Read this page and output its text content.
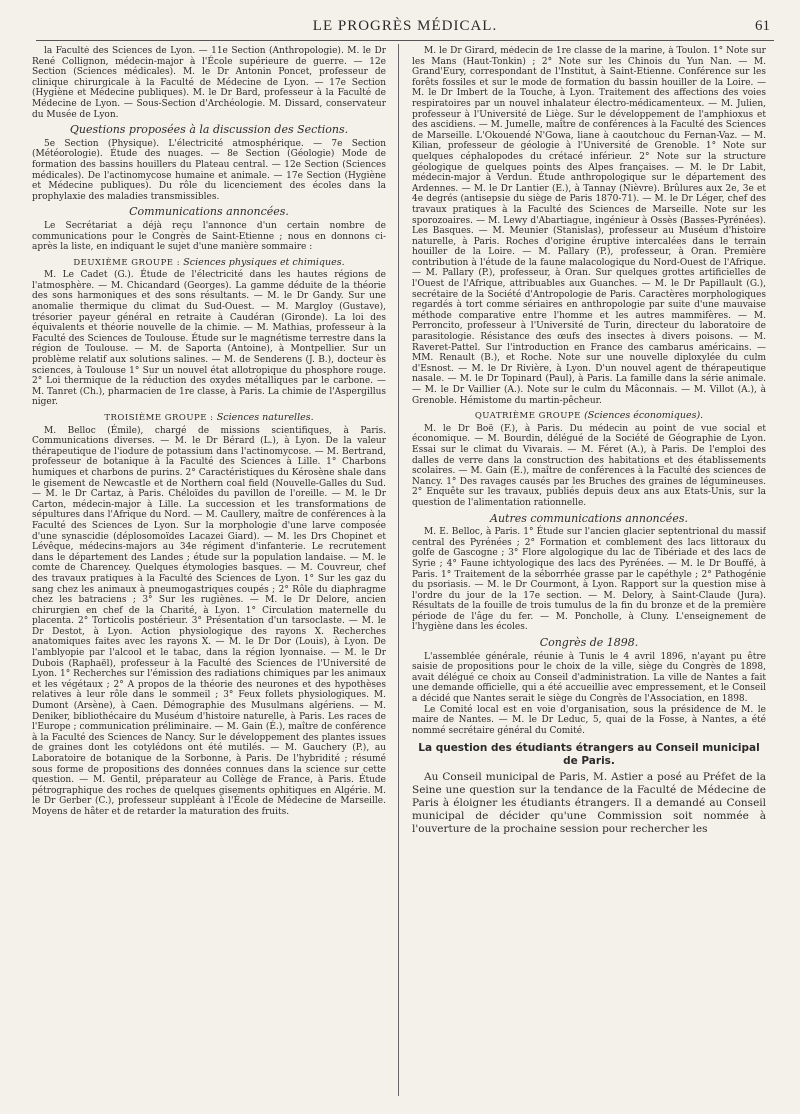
LE PROGRÈS MÉDICAL.	61

la Faculté des Sciences de Lyon. — 11e Section (Anthropologie). M. le Dr René Collignon, médecin-major à l'École supérieure de guerre. — 12e Section (Sciences médicales). M. le Dr Antonin Poncet, professeur de clinique chirurgicale à la Faculté de Médecine de Lyon. — 17e Section (Hygiène et Médecine publiques). M. le Dr Bard, professeur à la Faculté de Médecine de Lyon. — Sous-Section d'Archéologie. M. Dissard, conservateur du Musée de Lyon.

Questions proposées à la discussion des Sections.

5e Section (Physique). L'électricité atmosphérique. — 7e Section (Météorologie). Étude des nuages. — 8e Section (Géologie) Mode de formation des bassins houillers du Plateau central. — 12e Section (Sciences médicales). De l'actinomycose humaine et animale. — 17e Section (Hygiène et Médecine publiques). Du rôle du licenciement des écoles dans la prophylaxie des maladies transmissibles.

Communications annoncées.

Le Secrétariat a déjà reçu l'annonce d'un certain nombre de communications pour le Congrès de Saint-Etienne ; nous en donnons ci-après la liste, en indiquant le sujet d'une manière sommaire :

DEUXIÈME GROUPE : Sciences physiques et chimiques.

M. Le Cadet (G.). Étude de l'électricité dans les hautes régions de l'atmosphère. — M. Chicandard (Georges). La gamme déduite de la théorie des sons harmoniques et des sons résultants. — M. le Dr Gandy. Sur une anomalie thermique du climat du Sud-Ouest. — M. Margloy (Gustave), trésorier payeur général en retraite à Caudéran (Gironde). La loi des équivalents et théorie nouvelle de la chimie. — M. Mathias, professeur à la Faculté des Sciences de Toulouse. Étude sur le magnétisme terrestre dans la région de Toulouse. — M. de Saporta (Antoine), à Montpellier. Sur un problème relatif aux solutions salines. — M. de Senderens (J. B.), docteur ès sciences, à Toulouse 1° Sur un nouvel état allotropique du phosphore rouge. 2° Loi thermique de la réduction des oxydes métalliques par le carbone. — M. Tanret (Ch.), pharmacien de 1re classe, à Paris. La chimie de l'Aspergillus niger.

TROISIÈME GROUPE : Sciences naturelles.

M. Belloc (Émile), chargé de missions scientifiques, à Paris. Communications diverses. — M. le Dr Bérard (L.), à Lyon. De la valeur thérapeutique de l'iodure de potassium dans l'actinomycose. — M. Bertrand, professeur de botanique à la Faculté des Sciences à Lille. 1° Charbons humiques et charbons de purins. 2° Caractéristiques du Kérosène shale dans le gisement de Newcastle et de Northern coal field (Nouvelle-Galles du Sud. — M. le Dr Cartaz, à Paris. Chéloïdes du pavillon de l'oreille. — M. le Dr Carton, médecin-major à Lille. La succession et les transformations de sépultures dans l'Afrique du Nord. — M. Caullery, maître de conférences à la Faculté des Sciences de Lyon. Sur la morphologie d'une larve composée d'une synascidie (déplosomoïdes Lacazei Giard). — M. les Drs Chopinet et Lévêque, médecins-majors au 34e régiment d'infanterie. Le recrutement dans le département des Landes ; étude sur la population landaise. — M. le comte de Charencey. Quelques étymologies basques. — M. Couvreur, chef des travaux pratiques à la Faculté des Sciences de Lyon. 1° Sur les gaz du sang chez les animaux à pneumogastriques coupés ; 2° Rôle du diaphragme chez les batraciens ; 3° Sur les rugiènes. — M. le Dr Delore, ancien chirurgien en chef de la Charité, à Lyon. 1° Circulation maternelle du placenta. 2° Torticolis postérieur. 3° Présentation d'un tarsoclaste. — M. le Dr Destot, à Lyon. Action physiologique des rayons X. Recherches anatomiques faites avec les rayons X. — M. le Dr Dor (Louis), à Lyon. De l'amblyopie par l'alcool et le tabac, dans la région lyonnaise. — M. le Dr Dubois (Raphaël), professeur à la Faculté des Sciences de l'Université de Lyon. 1° Recherches sur l'émission des radiations chimiques par les animaux et les végétaux ; 2° A propos de la théorie des neurones et des hypothèses relatives à leur rôle dans le sommeil ; 3° Feux follets physiologiques. M. Dumont (Arsène), à Caen. Démographie des Musulmans algériens. — M. Deniker, bibliothécaire du Muséum d'histoire naturelle, à Paris. Les races de l'Europe ; communication préliminaire. — M. Gain (É.), maître de conférence à la Faculté des Sciences de Nancy. Sur le développement des plantes issues de graines dont les cotylédons ont été mutilés. — M. Gauchery (P.), au Laboratoire de botanique de la Sorbonne, à Paris. De l'hybridité ; résumé sous forme de propositions des données connues dans la science sur cette question. — M. Gentil, préparateur au Collège de France, à Paris. Étude pétrographique des roches de quelques gisements ophitiques en Algérie. M. le Dr Gerber (C.), professeur suppléant à l'École de Médecine de Marseille. Moyens de hâter et de retarder la maturation des fruits.

M. le Dr Girard, médecin de 1re classe de la marine, à Toulon. 1° Note sur les Mans (Haut-Tonkin) ; 2° Note sur les Chinois du Yun Nan. — M. Grand'Eury, correspondant de l'Institut, à Saint-Etienne. Conférence sur les forêts fossiles et sur le mode de formation du bassin houiller de la Loire. — M. le Dr Imbert de la Touche, à Lyon. Traitement des affections des voies respiratoires par un nouvel inhalateur électro-médicamenteux. — M. Julien, professeur à l'Université de Liège. Sur le développement de l'amphioxus et des ascidiens. — M. Jumelle, maître de conférences à la Faculté des Sciences de Marseille. L'Okouendé N'Gowa, liane à caoutchouc du Fernan-Vaz. — M. Kilian, professeur de géologie à l'Université de Grenoble. 1° Note sur quelques céphalopodes du crétacé inférieur. 2° Note sur la structure géologique de quelques points des Alpes françaises. — M. le Dr Labit, médecin-major à Verdun. Étude anthropologique sur le département des Ardennes. — M. le Dr Lantier (E.), à Tannay (Nièvre). Brûlures aux 2e, 3e et 4e degrés (antisepsie du siège de Paris 1870-71). — M. le Dr Léger, chef des travaux pratiques à la Faculté des Sciences de Marseille. Note sur les sporozoaires. — M. Lewy d'Abartiague, ingénieur à Ossès (Basses-Pyrénées). Les Basques. — M. Meunier (Stanislas), professeur au Muséum d'histoire naturelle, à Paris. Roches d'origine éruptive intercalées dans le terrain houiller de la Loire. — M. Pallary (P.), professeur, à Oran. Première contribution à l'étude de la faune malacologique du Nord-Ouest de l'Afrique. — M. Pallary (P.), professeur, à Oran. Sur quelques grottes artificielles de l'Ouest de l'Afrique, attribuables aux Guanches. — M. le Dr Papillault (G.), secrétaire de la Société d'Antropologie de Paris. Caractères morphologiques regardés à tort comme sériaires en anthropologie par suite d'une mauvaise méthode comparative entre l'homme et les autres mammifères. — M. Perroncito, professeur à l'Université de Turin, directeur du laboratoire de parasitologie. Résistance des œufs des insectes à divers poisons. — M. Raveret-Pattel. Sur l'introduction en France des cambarus américains. — MM. Renault (B.), et Roche. Note sur une nouvelle diploxylée du culm d'Esnost. — M. le Dr Rivière, à Lyon. D'un nouvel agent de thérapeutique nasale. — M. le Dr Topinard (Paul), à Paris. La famille dans la série animale. — M. le Dr Vaillier (A.). Note sur le culm du Mâconnais. — M. Villot (A.), à Grenoble. Hémistome du martin-pêcheur.

QUATRIÈME GROUPE (Sciences économiques).

M. le Dr Boë (F.), à Paris. Du médecin au point de vue social et économique. — M. Bourdin, délégué de la Société de Géographie de Lyon. Essai sur le climat du Vivarais. — M. Féret (A.), à Paris. De l'emploi des dalles de verre dans la construction des habitations et des établissements scolaires. — M. Gain (E.), maître de conférences à la Faculté des sciences de Nancy. 1° Des ravages causés par les Bruches des graines de légumineuses. 2° Enquête sur les travaux, publiés depuis deux ans aux Etats-Unis, sur la question de l'alimentation rationnelle.

Autres communications annoncées.

M. E. Belloc, à Paris. 1° Étude sur l'ancien glacier septentrional du massif central des Pyrénées ; 2° Formation et comblement des lacs littoraux du golfe de Gascogne ; 3° Flore algologique du lac de Tibériade et des lacs de Syrie ; 4° Faune ichtyologique des lacs des Pyrénées. — M. le Dr Bouffé, à Paris. 1° Traitement de la séborrhée grasse par le capéthyle ; 2° Pathogénie du psoriasis. — M. le Dr Courmont, à Lyon. Rapport sur la question mise à l'ordre du jour de la 17e section. — M. Delory, à Saint-Claude (Jura). Résultats de la fouille de trois tumulus de la fin du bronze et de la première période de l'âge du fer. — M. Poncholle, à Cluny. L'enseignement de l'hygiène dans les écoles.

Congrès de 1898.

L'assemblée générale, réunie à Tunis le 4 avril 1896, n'ayant pu être saisie de propositions pour le choix de la ville, siège du Congrès de 1898, avait délégué ce choix au Conseil d'administration. La ville de Nantes a fait une demande officielle, qui a été accueillie avec empressement, et le Conseil a décidé que Nantes serait le siège du Congrès de l'Association, en 1898.

Le Comité local est en voie d'organisation, sous la présidence de M. le maire de Nantes. — M. le Dr Leduc, 5, quai de la Fosse, à Nantes, a été nommé secrétaire général du Comité.

La question des étudiants étrangers au Conseil municipal de Paris.

Au Conseil municipal de Paris, M. Astier a posé au Préfet de la Seine une question sur la tendance de la Faculté de Médecine de Paris à éloigner les étudiants étrangers. Il a demandé au Conseil municipal de décider qu'une Commission soit nommée à l'ouverture de la prochaine session pour rechercher les
